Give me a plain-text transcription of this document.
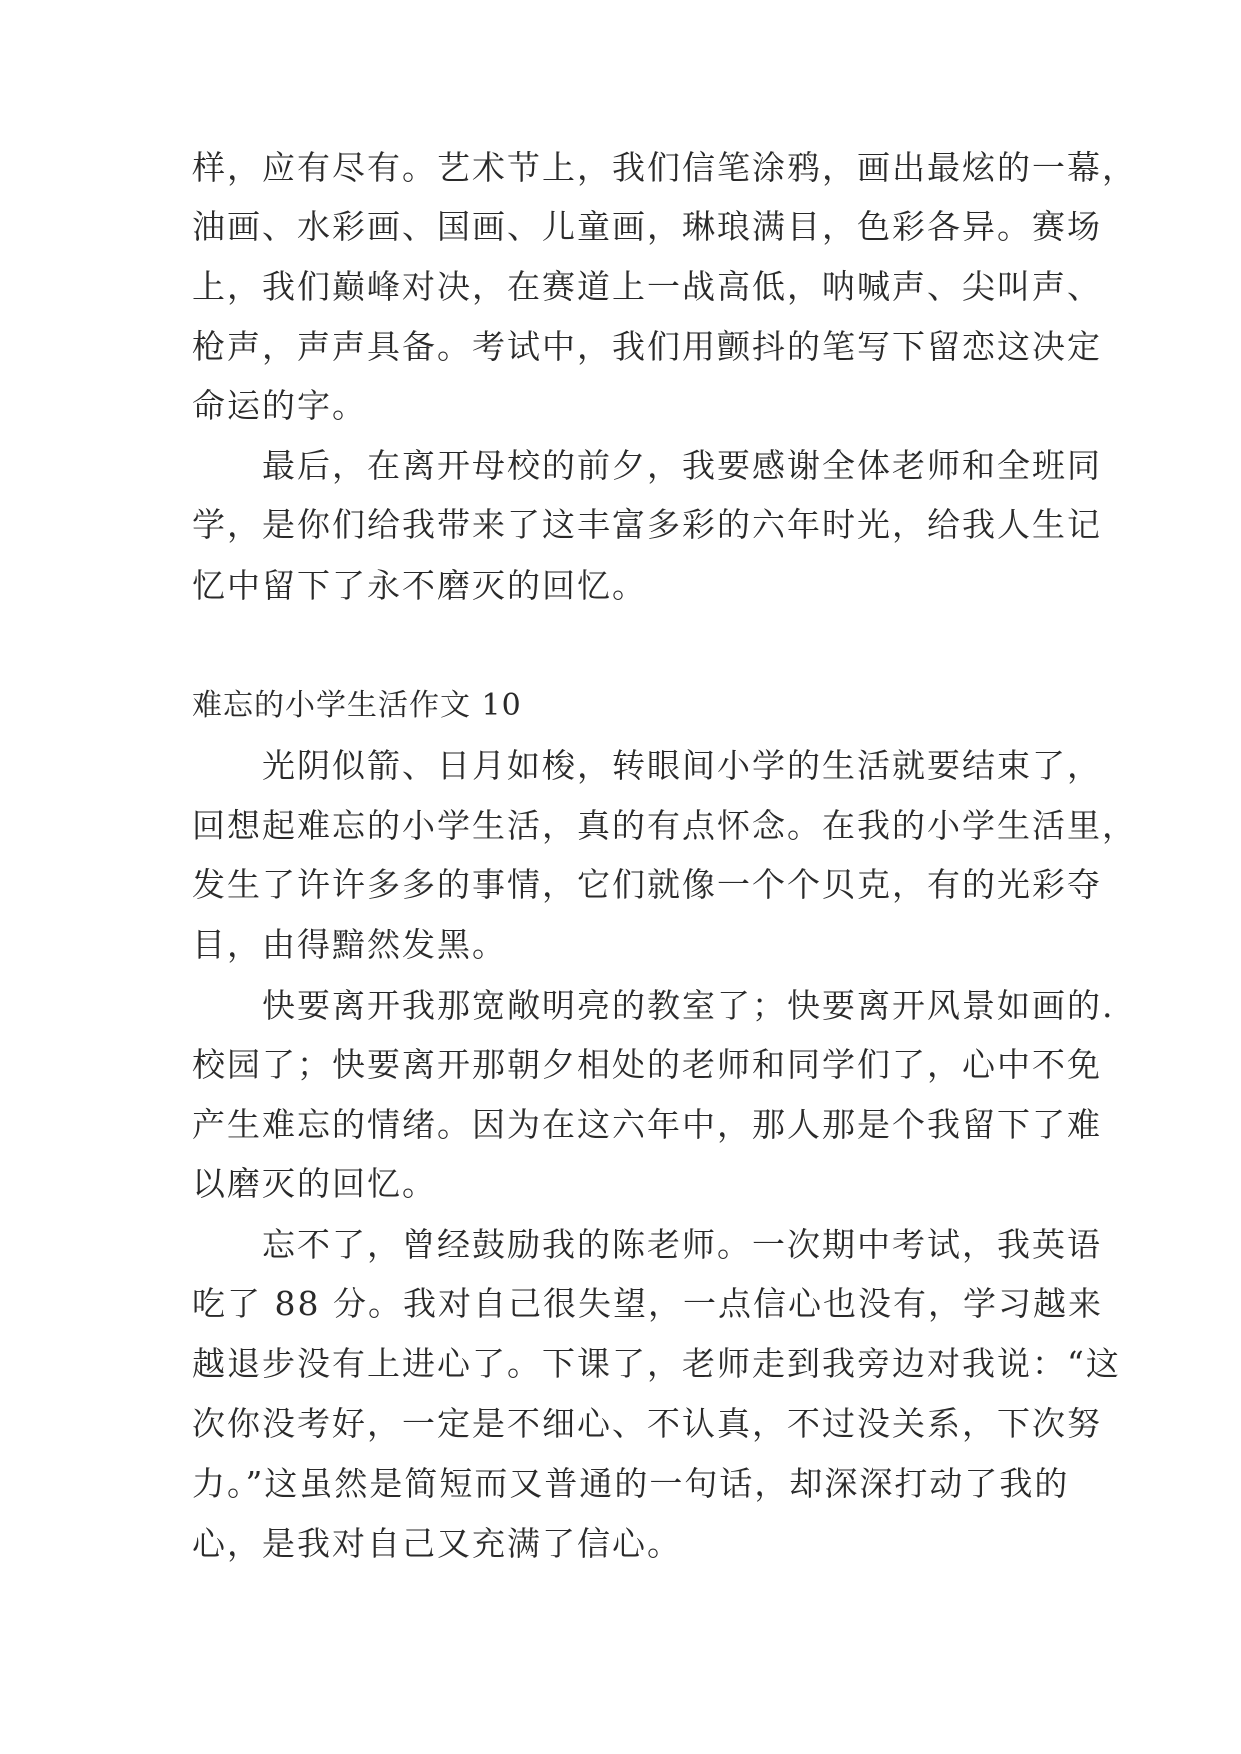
样，应有尽有。艺术节上，我们信笔涂鸦，画出最炫的一幕，
油画、水彩画、国画、儿童画，琳琅满目，色彩各异。赛场
上，我们巅峰对决，在赛道上一战高低，呐喊声、尖叫声、
枪声，声声具备。考试中，我们用颤抖的笔写下留恋这决定
命运的字。
　　最后，在离开母校的前夕，我要感谢全体老师和全班同
学，是你们给我带来了这丰富多彩的六年时光，给我人生记
忆中留下了永不磨灭的回忆。
难忘的小学生活作文 10
　　光阴似箭、日月如梭，转眼间小学的生活就要结束了，
回想起难忘的小学生活，真的有点怀念。在我的小学生活里，
发生了许许多多的事情，它们就像一个个贝克，有的光彩夺
目，由得黯然发黑。
　　快要离开我那宽敞明亮的教室了；快要离开风景如画的.
校园了；快要离开那朝夕相处的老师和同学们了，心中不免
产生难忘的情绪。因为在这六年中，那人那是个我留下了难
以磨灭的回忆。
　　忘不了，曾经鼓励我的陈老师。一次期中考试，我英语
吃了 88 分。我对自己很失望，一点信心也没有，学习越来
越退步没有上进心了。下课了，老师走到我旁边对我说：“这
次你没考好，一定是不细心、不认真，不过没关系，下次努
力。”这虽然是简短而又普通的一句话，却深深打动了我的
心，是我对自己又充满了信心。
